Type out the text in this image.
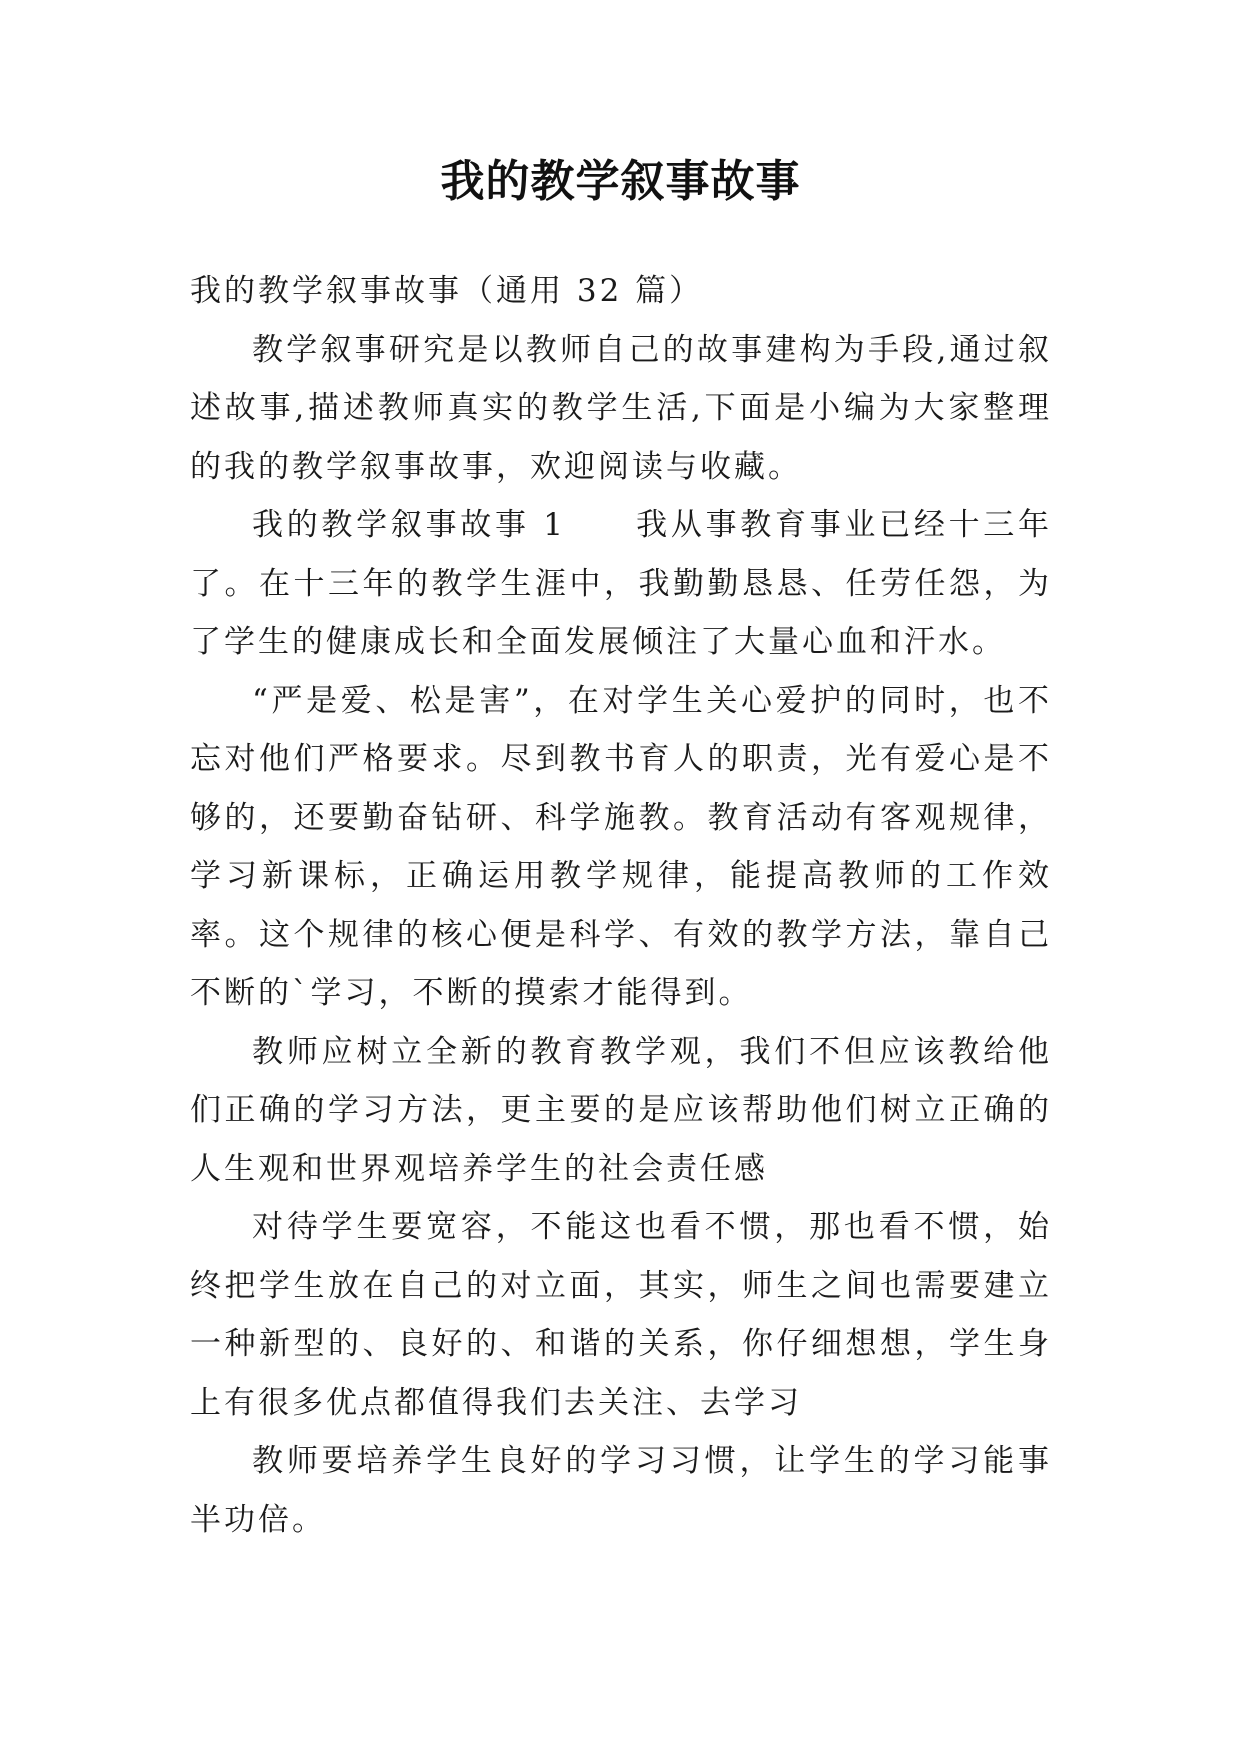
我的教学叙事故事

我的教学叙事故事（通用 32 篇）

教学叙事研究是以教师自己的故事建构为手段,通过叙述故事,描述教师真实的教学生活,下面是小编为大家整理的我的教学叙事故事，欢迎阅读与收藏。

我的教学叙事故事 1　　我从事教育事业已经十三年了。在十三年的教学生涯中，我勤勤恳恳、任劳任怨，为了学生的健康成长和全面发展倾注了大量心血和汗水。

“严是爱、松是害”，在对学生关心爱护的同时，也不忘对他们严格要求。尽到教书育人的职责，光有爱心是不够的，还要勤奋钻研、科学施教。教育活动有客观规律，学习新课标，正确运用教学规律，能提高教师的工作效率。这个规律的核心便是科学、有效的教学方法，靠自己不断的`学习，不断的摸索才能得到。

教师应树立全新的教育教学观，我们不但应该教给他们正确的学习方法，更主要的是应该帮助他们树立正确的人生观和世界观培养学生的社会责任感

对待学生要宽容，不能这也看不惯，那也看不惯，始终把学生放在自己的对立面，其实，师生之间也需要建立一种新型的、良好的、和谐的关系，你仔细想想，学生身上有很多优点都值得我们去关注、去学习

教师要培养学生良好的学习习惯，让学生的学习能事半功倍。
